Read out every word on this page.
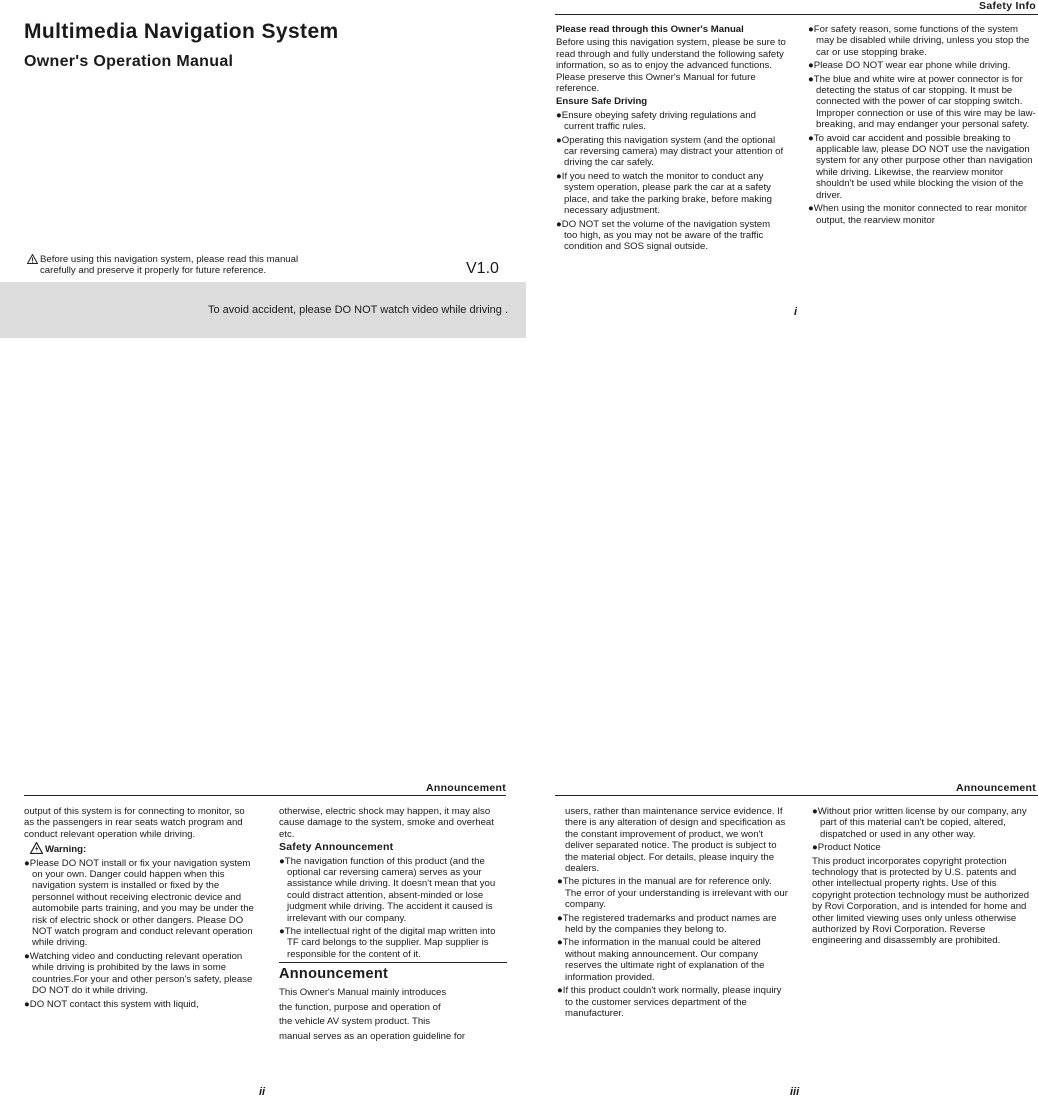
Multimedia Navigation System
Owner's Operation Manual
Before using this navigation system, please read this manual
carefully and preserve it properly for future reference.	V1.0
To avoid accident, please DO NOT watch video while driving .
Safety Info

Please read through this Owner's Manual

Before using this navigation system, please be sure to read through and fully understand the following safety information, so as to enjoy the advanced functions. Please preserve this Owner's Manual for future reference.

Ensure Safe Driving

●Ensure obeying safety driving regulations and current traffic rules.

●Operating this navigation system (and the optional car reversing camera) may distract your attention of driving the car safely.

●If you need to watch the monitor to conduct any system operation, please park the car at a safety place, and take the parking brake, before making necessary adjustment.

●DO NOT set the volume of the navigation system too high, as you may not be aware of the traffic condition and SOS signal outside.

●For safety reason, some functions of the system may be disabled while driving, unless you stop the car or use stopping brake.

●Please DO NOT wear ear phone while driving.

●The blue and white wire at power connector is for detecting the status of car stopping. It must be connected with the power of car stopping switch. Improper connection or use of this wire may be law-breaking, and may endanger your personal safety.

●To avoid car accident and possible breaking to applicable law, please DO NOT use the navigation system for any other purpose other than navigation while driving. Likewise, the rearview monitor shouldn't be used while blocking the vision of the driver.

●When using the monitor connected to rear monitor output, the rearview monitor

i
Announcement

output of this system is for connecting to monitor, so as the passengers in rear seats watch program and conduct relevant operation while driving.

Warning:

●Please DO NOT install or fix your navigation system on your own. Danger could happen when this navigation system is installed or fixed by the personnel without receiving electronic device and automobile parts training, and you may be under the risk of electric shock or other dangers. Please DO NOT watch program and conduct relevant operation while driving.

●Watching video and conducting relevant operation while driving is prohibited by the laws in some countries.For your and other person's safety, please DO NOT do it while driving.

●DO NOT contact this system with liquid,

otherwise, electric shock may happen, it may also cause damage to the system, smoke and overheat etc.

Safety Announcement

●The navigation function of this product (and the optional car reversing camera) serves as your assistance while driving. It doesn't mean that you could distract attention, absent-minded or lose judgment while driving. The accident it caused is irrelevant with our company.

●The intellectual right of the digital map written into TF card belongs to the supplier. Map supplier is responsible for the content of it.

Announcement

This Owner's Manual mainly introduces
the function, purpose and operation of
the vehicle AV system product. This
manual serves as an operation guideline for
ii
Announcement

users, rather than maintenance service evidence. If there is any alteration of design and specification as the constant improvement of product, we won't deliver separated notice. The product is subject to the material object. For details, please inquiry the dealers.

●The pictures in the manual are for reference only. The error of your understanding is irrelevant with our company.

●The registered trademarks and product names are held by the companies they belong to.

●The information in the manual could be altered without making announcement. Our company reserves the ultimate right of explanation of the information provided.

●If this product couldn't work normally, please inquiry to the customer services department of the manufacturer.

●Without prior written license by our company, any part of this material can't be copied, altered, dispatched or used in any other way.

●Product Notice

This product incorporates copyright protection technology that is protected by U.S. patents and other intellectual property rights. Use of this copyright protection technology must be authorized by Rovi Corporation, and is intended for home and other limited viewing uses only unless otherwise authorized by Rovi Corporation. Reverse engineering and disassembly are prohibited.

iii
